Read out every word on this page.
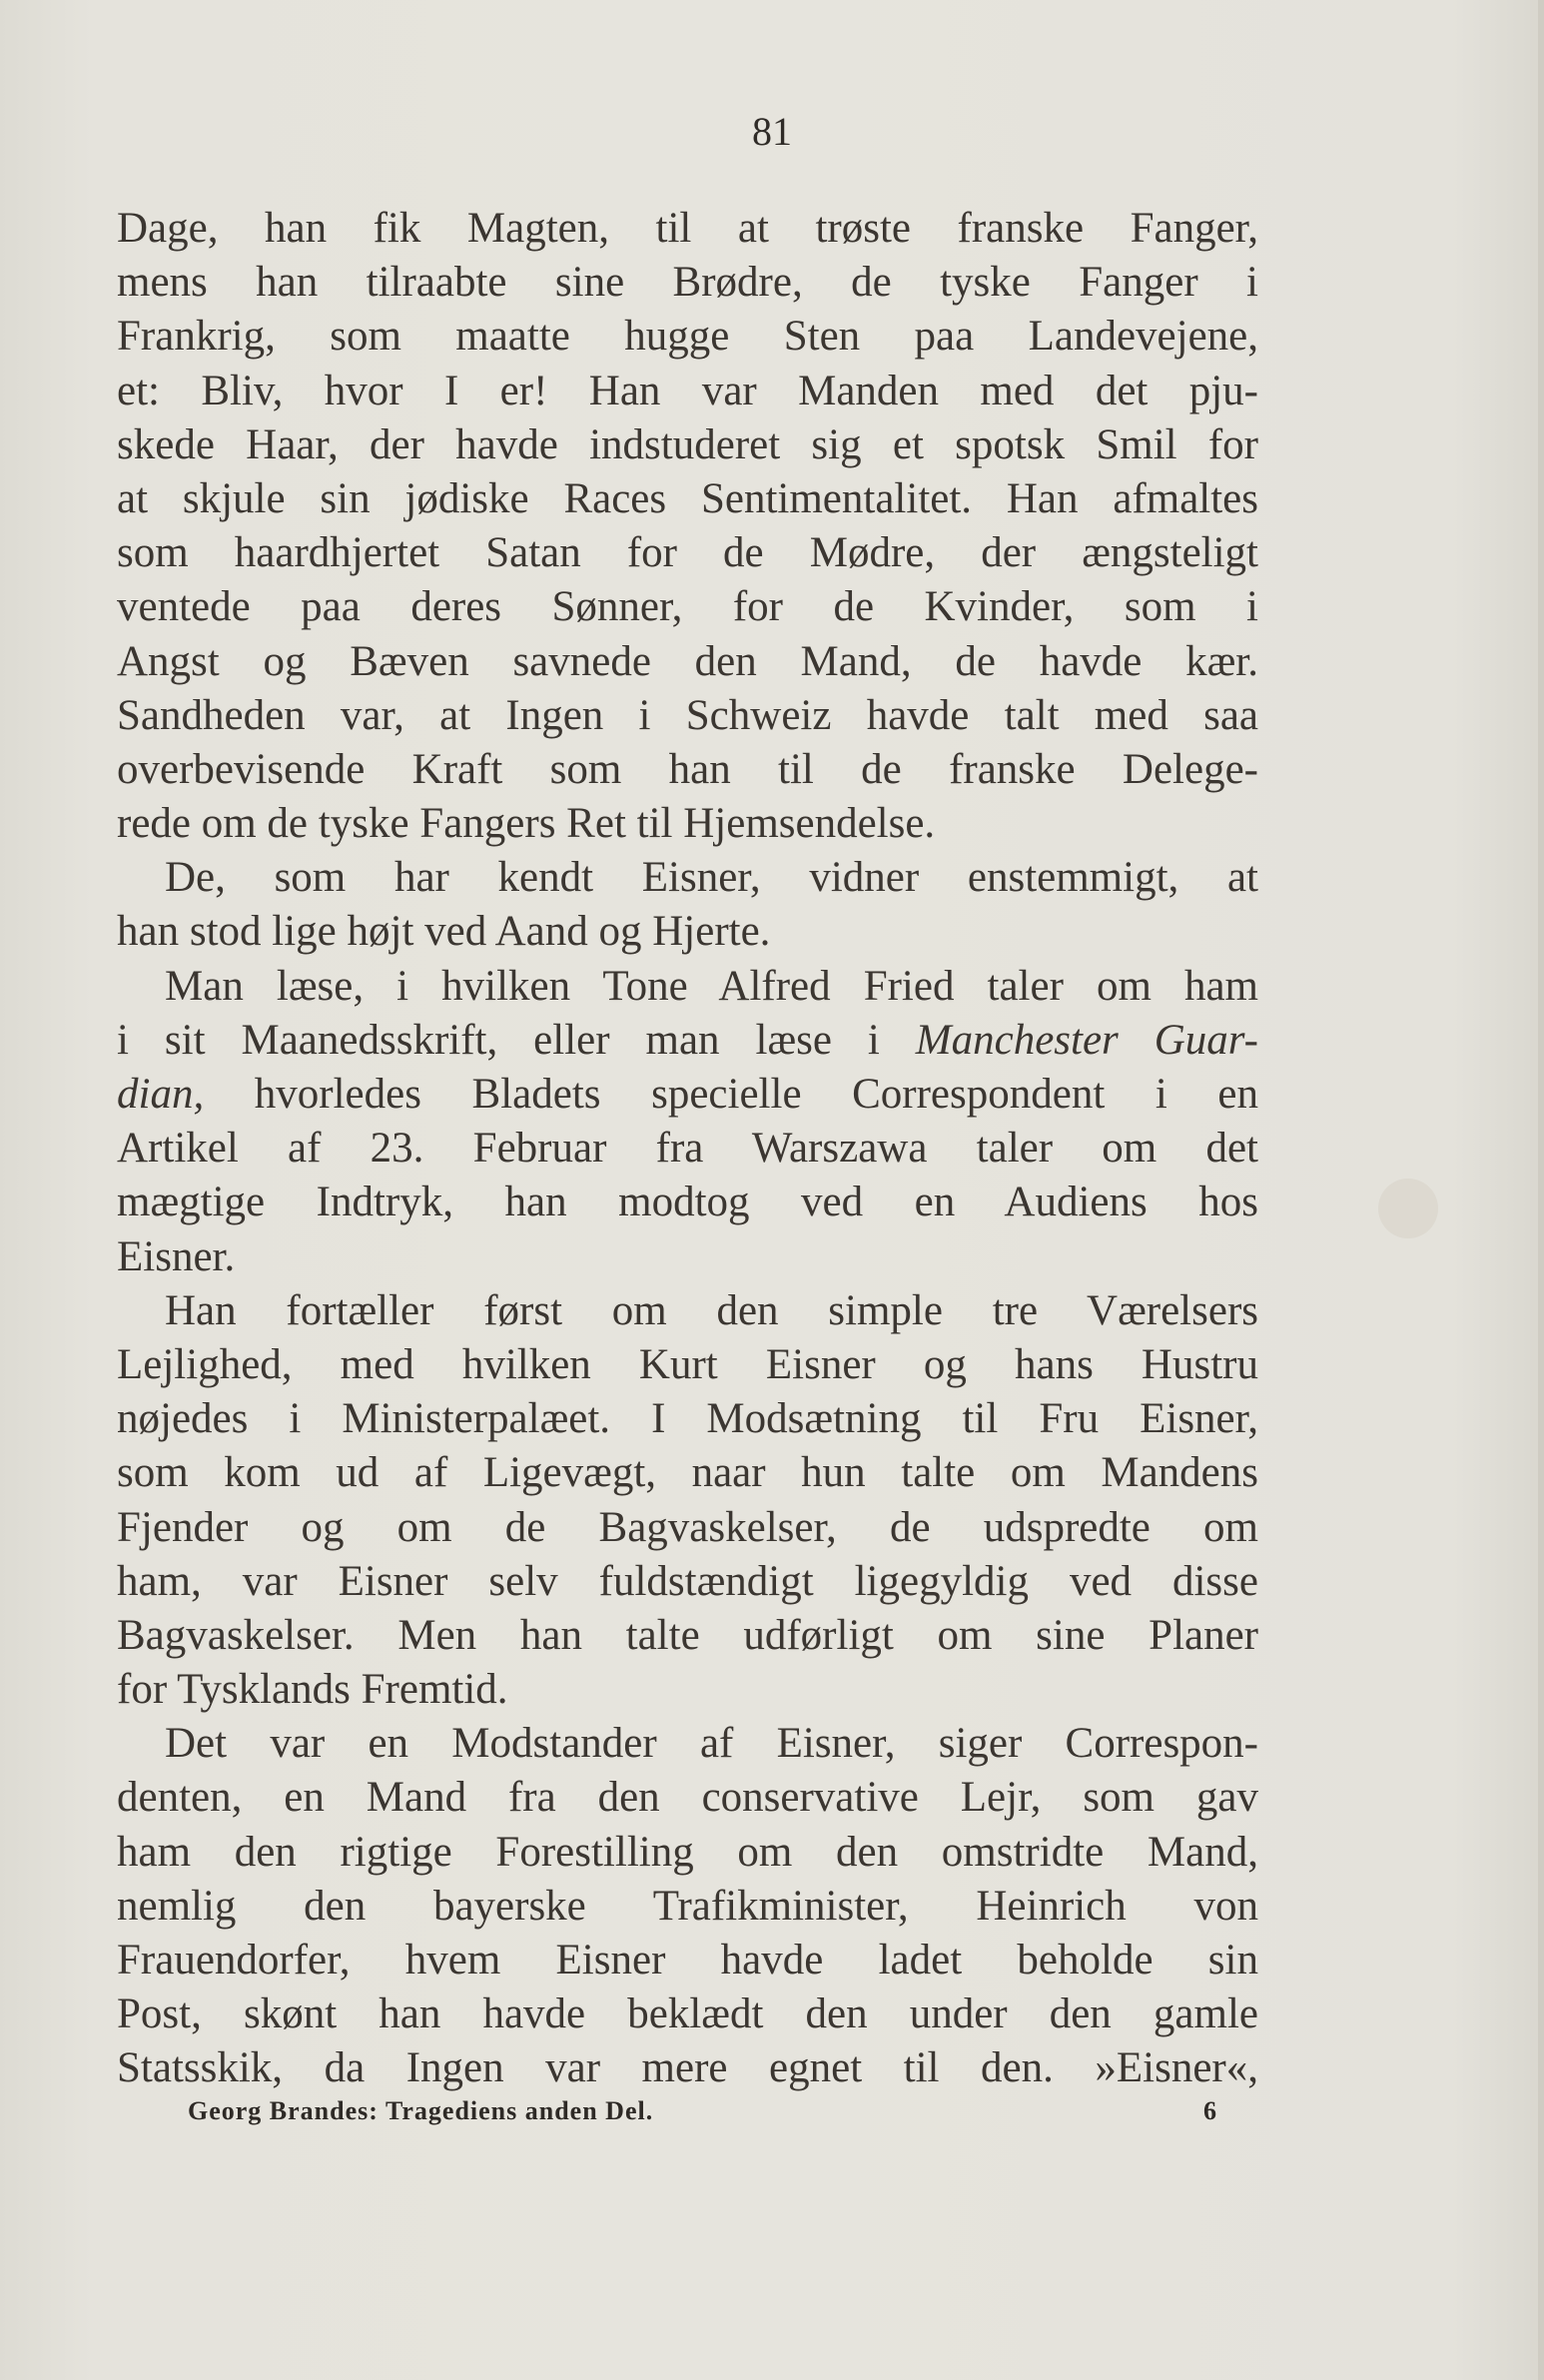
81
Dage, han fik Magten, til at trøste franske Fanger,
mens han tilraabte sine Brødre, de tyske Fanger i
Frankrig, som maatte hugge Sten paa Landevejene,
et: Bliv, hvor I er! Han var Manden med det pju-
skede Haar, der havde indstuderet sig et spotsk Smil for
at skjule sin jødiske Races Sentimentalitet. Han afmaltes
som haardhjertet Satan for de Mødre, der ængsteligt
ventede paa deres Sønner, for de Kvinder, som i
Angst og Bæven savnede den Mand, de havde kær.
Sandheden var, at Ingen i Schweiz havde talt med saa
overbevisende Kraft som han til de franske Delege-
rede om de tyske Fangers Ret til Hjemsendelse.
De, som har kendt Eisner, vidner enstemmigt, at
han stod lige højt ved Aand og Hjerte.
Man læse, i hvilken Tone Alfred Fried taler om ham
i sit Maanedsskrift, eller man læse i Manchester Guar-
dian, hvorledes Bladets specielle Correspondent i en
Artikel af 23. Februar fra Warszawa taler om det
mægtige Indtryk, han modtog ved en Audiens hos
Eisner.
Han fortæller først om den simple tre Værelsers
Lejlighed, med hvilken Kurt Eisner og hans Hustru
nøjedes i Ministerpalæet. I Modsætning til Fru Eisner,
som kom ud af Ligevægt, naar hun talte om Mandens
Fjender og om de Bagvaskelser, de udspredte om
ham, var Eisner selv fuldstændigt ligegyldig ved disse
Bagvaskelser. Men han talte udførligt om sine Planer
for Tysklands Fremtid.
Det var en Modstander af Eisner, siger Correspon-
denten, en Mand fra den conservative Lejr, som gav
ham den rigtige Forestilling om den omstridte Mand,
nemlig den bayerske Trafikminister, Heinrich von
Frauendorfer, hvem Eisner havde ladet beholde sin
Post, skønt han havde beklædt den under den gamle
Statsskik, da Ingen var mere egnet til den. »Eisner«,
Georg Brandes: Tragediens anden Del.	6
